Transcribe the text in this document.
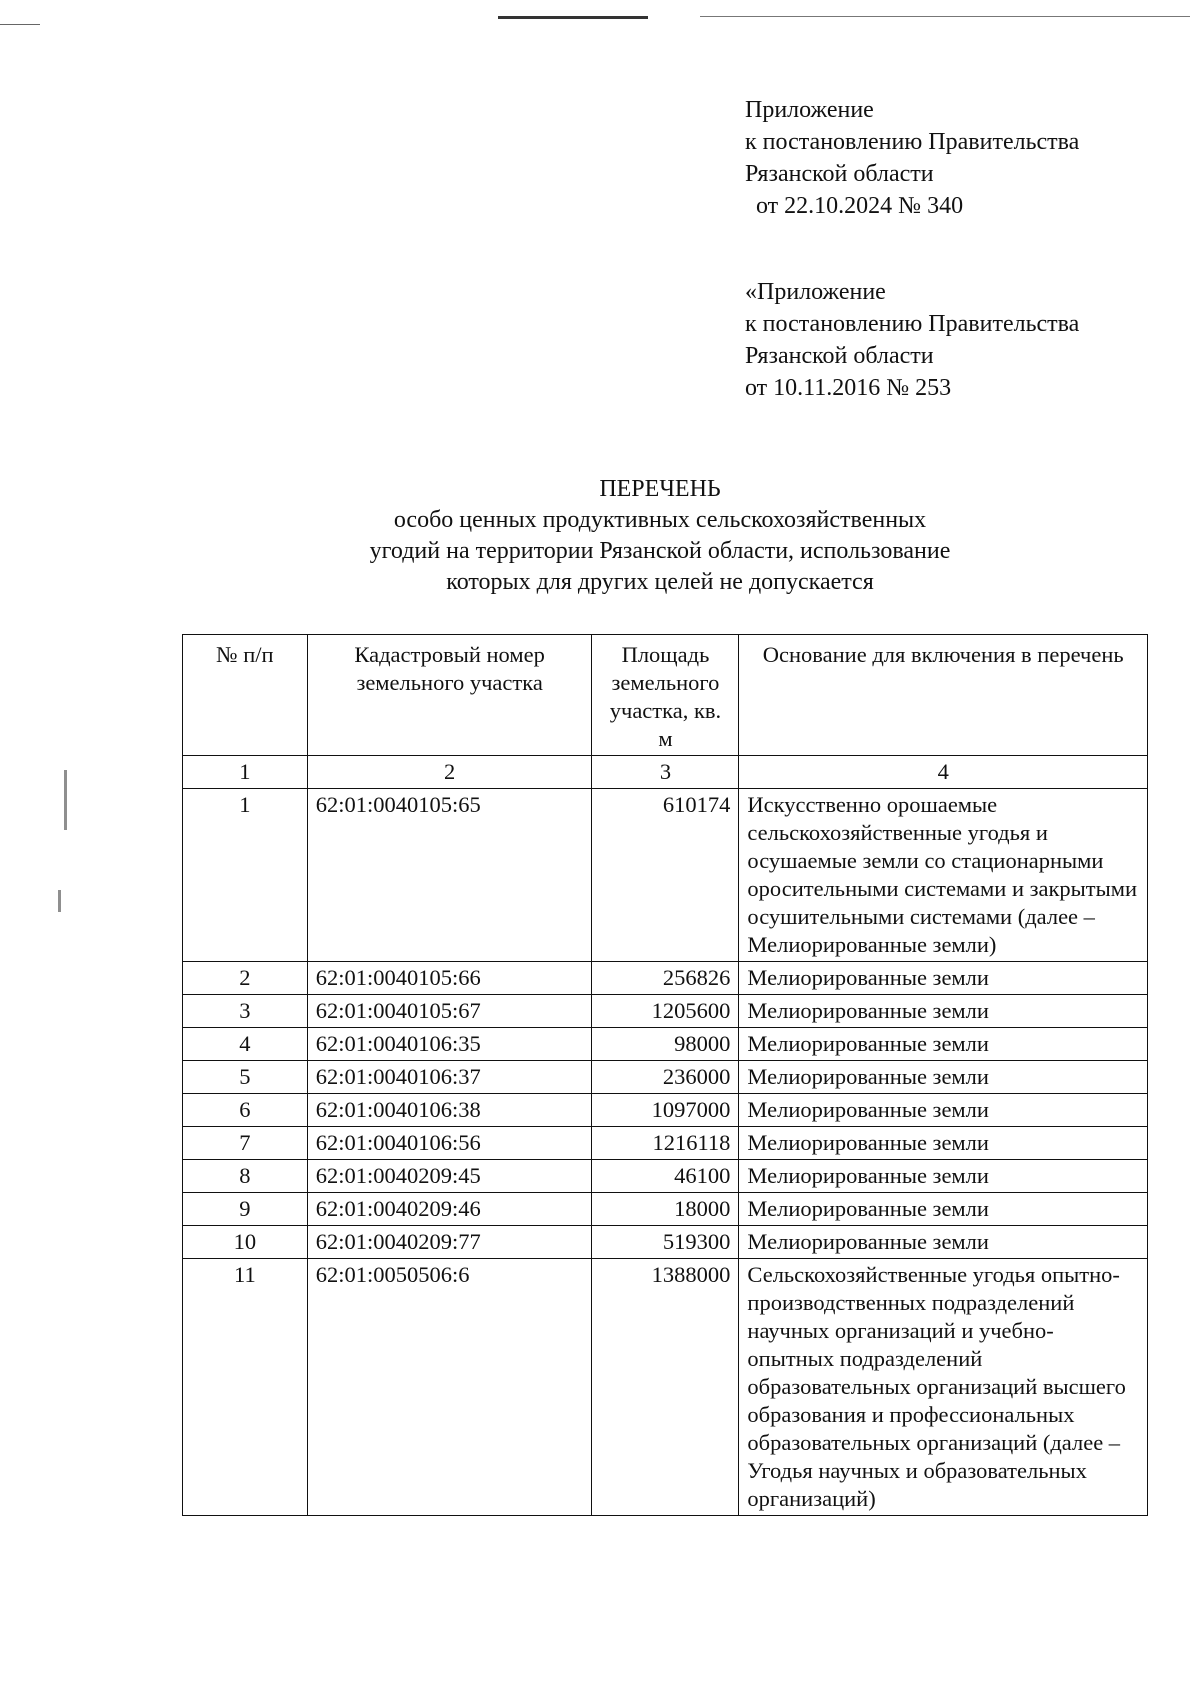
Приложение
к постановлению Правительства
Рязанской области
от 22.10.2024 № 340
«Приложение
к постановлению Правительства
Рязанской области
от 10.11.2016 № 253
ПЕРЕЧЕНЬ
особо ценных продуктивных сельскохозяйственных
угодий на территории Рязанской области, использование
которых для других целей не допускается
№ п/п	Кадастровый номер земельного участка	Площадь земельного участка, кв. м	Основание для включения в перечень
1	2	3	4
1	62:01:0040105:65	610174	Искусственно орошаемые сельскохозяйственные угодья и осушаемые земли со стационарными оросительными системами и закрытыми осушительными системами (далее – Мелиорированные земли)
2	62:01:0040105:66	256826	Мелиорированные земли
3	62:01:0040105:67	1205600	Мелиорированные земли
4	62:01:0040106:35	98000	Мелиорированные земли
5	62:01:0040106:37	236000	Мелиорированные земли
6	62:01:0040106:38	1097000	Мелиорированные земли
7	62:01:0040106:56	1216118	Мелиорированные земли
8	62:01:0040209:45	46100	Мелиорированные земли
9	62:01:0040209:46	18000	Мелиорированные земли
10	62:01:0040209:77	519300	Мелиорированные земли
11	62:01:0050506:6	1388000	Сельскохозяйственные угодья опытно-производственных подразделений научных организаций и учебно-опытных подразделений образовательных организаций высшего образования и профессиональных образовательных организаций (далее – Угодья научных и образовательных организаций)
